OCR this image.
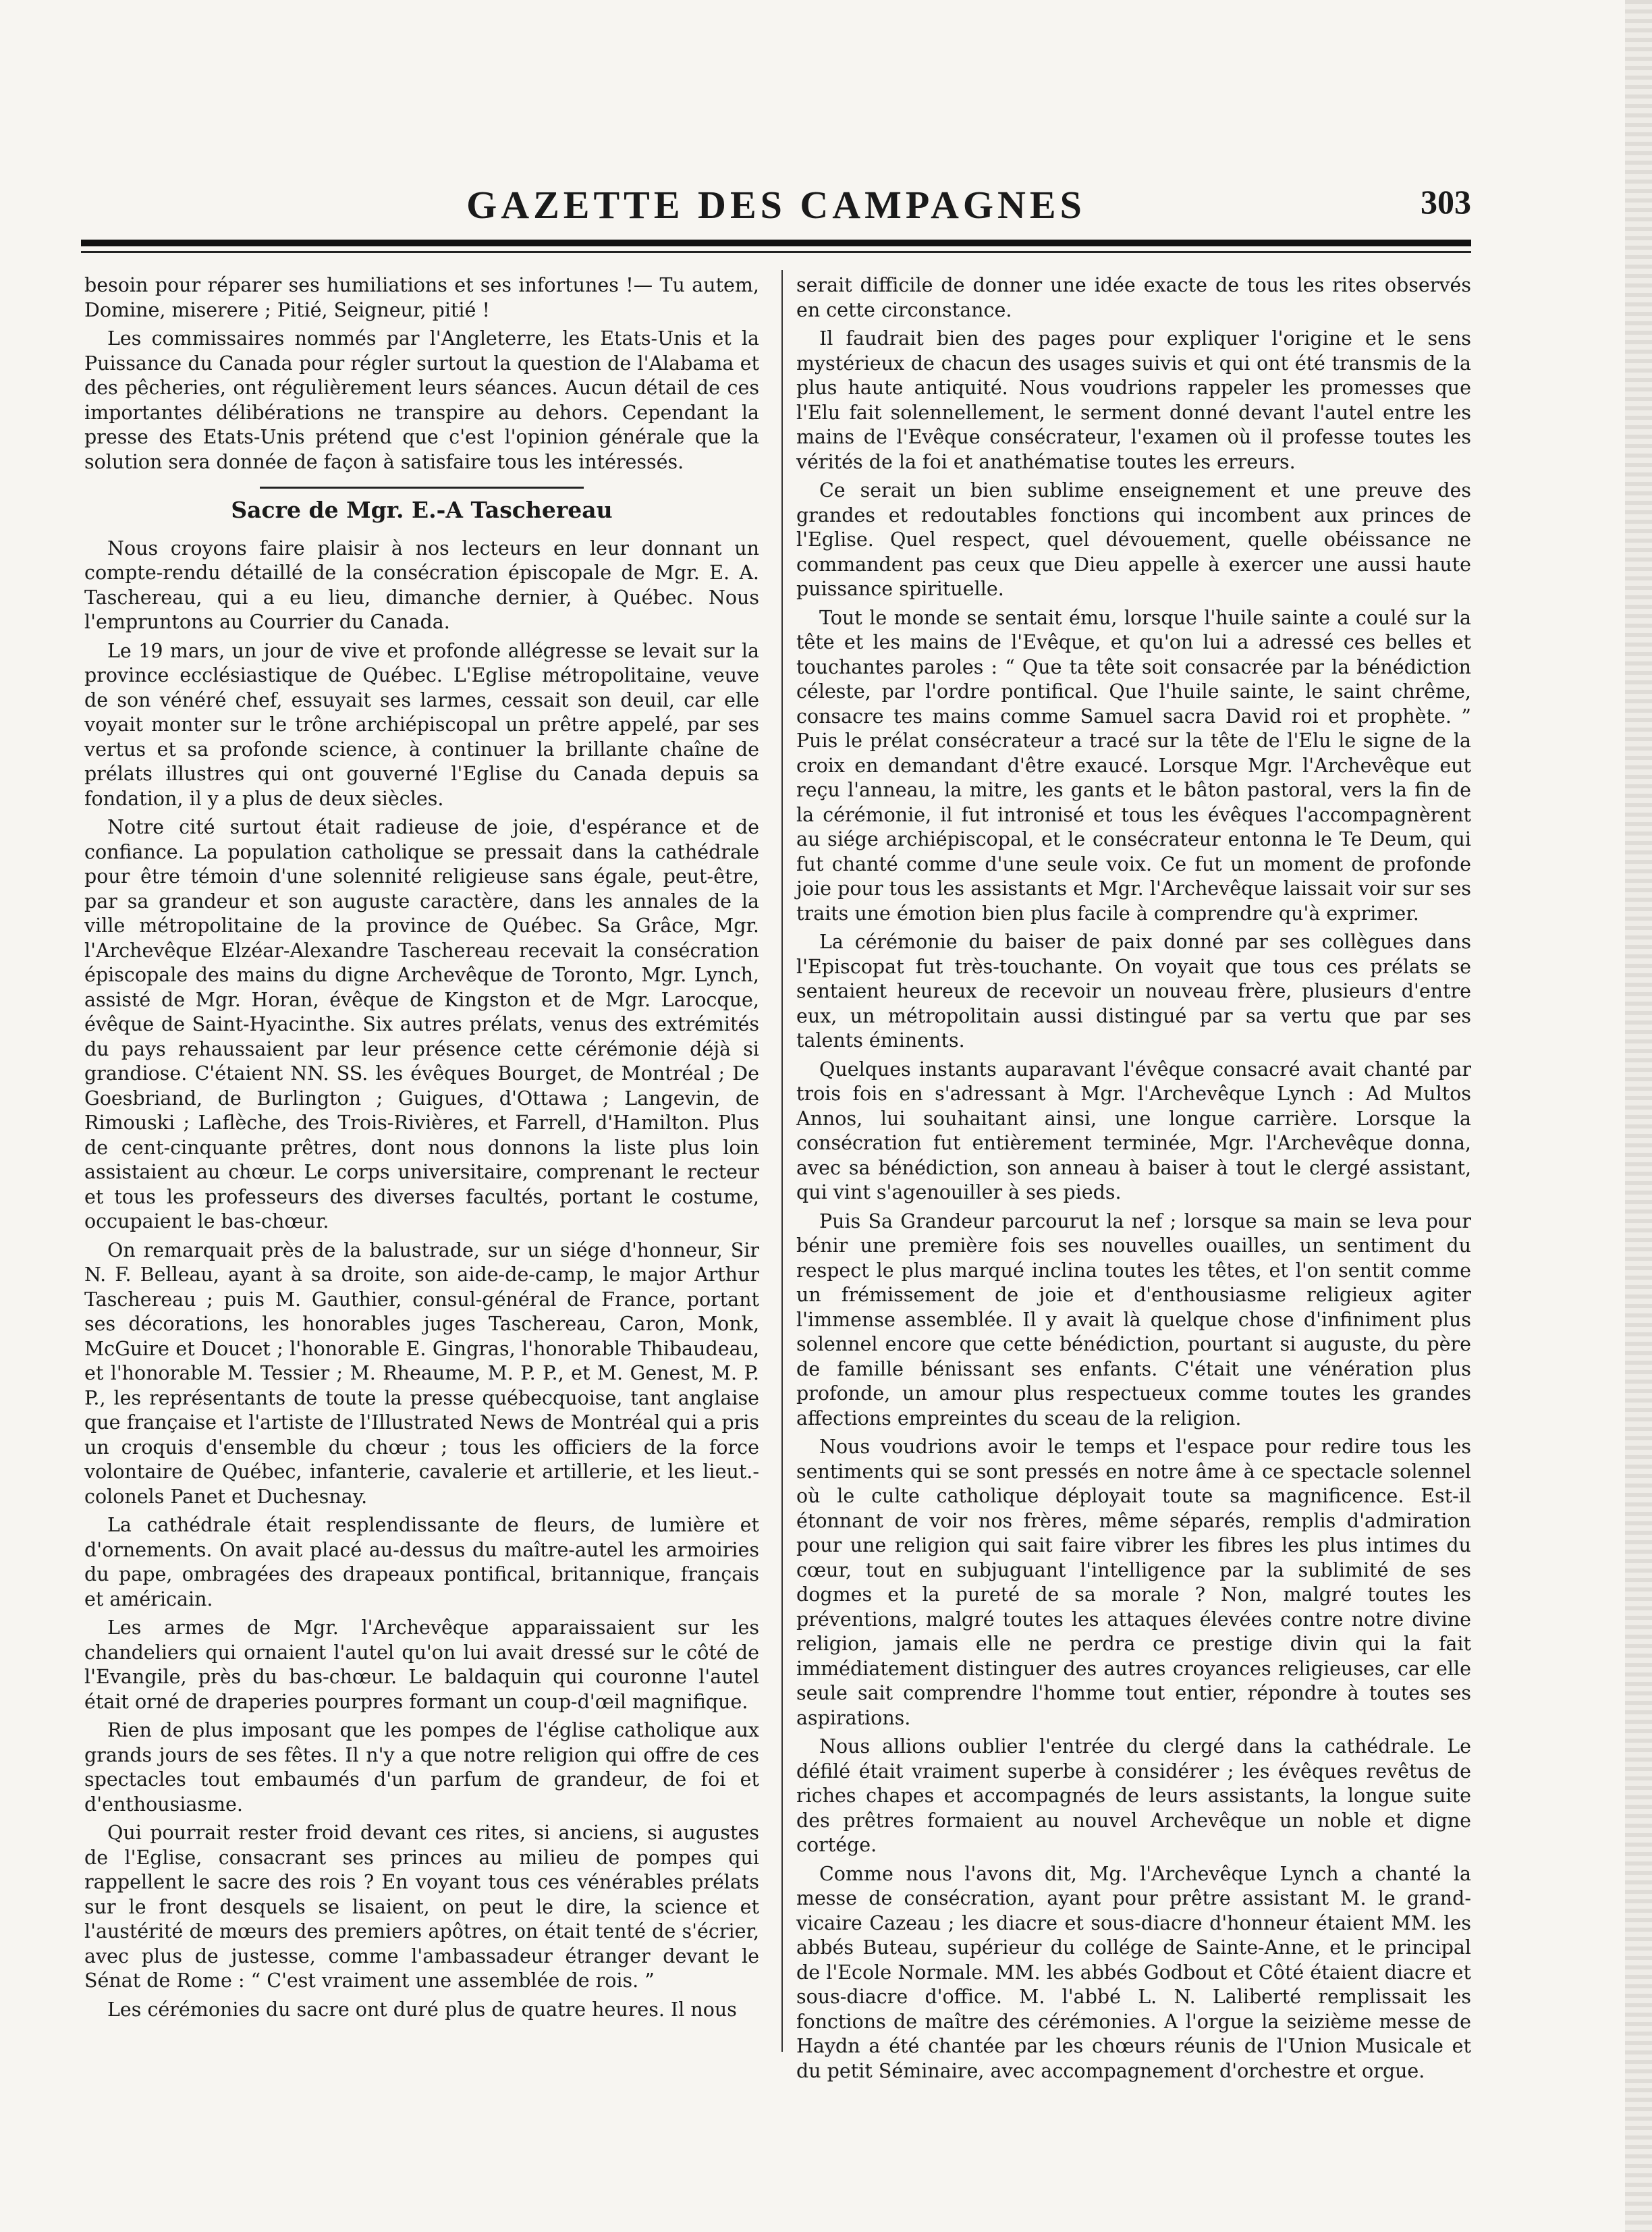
GAZETTE DES CAMPAGNES	303

besoin pour réparer ses humiliations et ses infortunes !— Tu autem, Domine, miserere ; Pitié, Seigneur, pitié !

Les commissaires nommés par l'Angleterre, les Etats-Unis et la Puissance du Canada pour régler surtout la question de l'Alabama et des pêcheries, ont régulièrement leurs séances. Aucun détail de ces importantes délibérations ne transpire au dehors. Cependant la presse des Etats-Unis prétend que c'est l'opinion générale que la solution sera donnée de façon à satisfaire tous les intéressés.

Sacre de Mgr. E.-A Taschereau

Nous croyons faire plaisir à nos lecteurs en leur donnant un compte-rendu détaillé de la consécration épiscopale de Mgr. E. A. Taschereau, qui a eu lieu, dimanche dernier, à Québec. Nous l'empruntons au Courrier du Canada.

Le 19 mars, un jour de vive et profonde allégresse se levait sur la province ecclésiastique de Québec. L'Eglise métropolitaine, veuve de son vénéré chef, essuyait ses larmes, cessait son deuil, car elle voyait monter sur le trône archiépiscopal un prêtre appelé, par ses vertus et sa profonde science, à continuer la brillante chaîne de prélats illustres qui ont gouverné l'Eglise du Canada depuis sa fondation, il y a plus de deux siècles.

Notre cité surtout était radieuse de joie, d'espérance et de confiance. La population catholique se pressait dans la cathédrale pour être témoin d'une solennité religieuse sans égale, peut-être, par sa grandeur et son auguste caractère, dans les annales de la ville métropolitaine de la province de Québec. Sa Grâce, Mgr. l'Archevêque Elzéar-Alexandre Taschereau recevait la consécration épiscopale des mains du digne Archevêque de Toronto, Mgr. Lynch, assisté de Mgr. Horan, évêque de Kingston et de Mgr. Larocque, évêque de Saint-Hyacinthe. Six autres prélats, venus des extrémités du pays rehaussaient par leur présence cette cérémonie déjà si grandiose. C'étaient NN. SS. les évêques Bourget, de Montréal ; De Goesbriand, de Burlington ; Guigues, d'Ottawa ; Langevin, de Rimouski ; Laflèche, des Trois-Rivières, et Farrell, d'Hamilton. Plus de cent-cinquante prêtres, dont nous donnons la liste plus loin assistaient au chœur. Le corps universitaire, comprenant le recteur et tous les professeurs des diverses facultés, portant le costume, occupaient le bas-chœur.

On remarquait près de la balustrade, sur un siége d'honneur, Sir N. F. Belleau, ayant à sa droite, son aide-de-camp, le major Arthur Taschereau ; puis M. Gauthier, consul-général de France, portant ses décorations, les honorables juges Taschereau, Caron, Monk, McGuire et Doucet ; l'honorable E. Gingras, l'honorable Thibaudeau, et l'honorable M. Tessier ; M. Rheaume, M. P. P., et M. Genest, M. P. P., les représentants de toute la presse québecquoise, tant anglaise que française et l'artiste de l'Illustrated News de Montréal qui a pris un croquis d'ensemble du chœur ; tous les officiers de la force volontaire de Québec, infanterie, cavalerie et artillerie, et les lieut.-colonels Panet et Duchesnay.

La cathédrale était resplendissante de fleurs, de lumière et d'ornements. On avait placé au-dessus du maître-autel les armoiries du pape, ombragées des drapeaux pontifical, britannique, français et américain.

Les armes de Mgr. l'Archevêque apparaissaient sur les chandeliers qui ornaient l'autel qu'on lui avait dressé sur le côté de l'Evangile, près du bas-chœur. Le baldaquin qui couronne l'autel était orné de draperies pourpres formant un coup-d'œil magnifique.

Rien de plus imposant que les pompes de l'église catholique aux grands jours de ses fêtes. Il n'y a que notre religion qui offre de ces spectacles tout embaumés d'un parfum de grandeur, de foi et d'enthousiasme.

Qui pourrait rester froid devant ces rites, si anciens, si augustes de l'Eglise, consacrant ses princes au milieu de pompes qui rappellent le sacre des rois ? En voyant tous ces vénérables prélats sur le front desquels se lisaient, on peut le dire, la science et l'austérité de mœurs des premiers apôtres, on était tenté de s'écrier, avec plus de justesse, comme l'ambassadeur étranger devant le Sénat de Rome : “ C'est vraiment une assemblée de rois. ”

Les cérémonies du sacre ont duré plus de quatre heures. Il nous

serait difficile de donner une idée exacte de tous les rites observés en cette circonstance.

Il faudrait bien des pages pour expliquer l'origine et le sens mystérieux de chacun des usages suivis et qui ont été transmis de la plus haute antiquité. Nous voudrions rappeler les promesses que l'Elu fait solennellement, le serment donné devant l'autel entre les mains de l'Evêque consécrateur, l'examen où il professe toutes les vérités de la foi et anathématise toutes les erreurs.

Ce serait un bien sublime enseignement et une preuve des grandes et redoutables fonctions qui incombent aux princes de l'Eglise. Quel respect, quel dévouement, quelle obéissance ne commandent pas ceux que Dieu appelle à exercer une aussi haute puissance spirituelle.

Tout le monde se sentait ému, lorsque l'huile sainte a coulé sur la tête et les mains de l'Evêque, et qu'on lui a adressé ces belles et touchantes paroles : “ Que ta tête soit consacrée par la bénédiction céleste, par l'ordre pontifical. Que l'huile sainte, le saint chrême, consacre tes mains comme Samuel sacra David roi et prophète. ” Puis le prélat consécrateur a tracé sur la tête de l'Elu le signe de la croix en demandant d'être exaucé. Lorsque Mgr. l'Archevêque eut reçu l'anneau, la mitre, les gants et le bâton pastoral, vers la fin de la cérémonie, il fut intronisé et tous les évêques l'accompagnèrent au siége archiépiscopal, et le consécrateur entonna le Te Deum, qui fut chanté comme d'une seule voix. Ce fut un moment de profonde joie pour tous les assistants et Mgr. l'Archevêque laissait voir sur ses traits une émotion bien plus facile à comprendre qu'à exprimer.

La cérémonie du baiser de paix donné par ses collègues dans l'Episcopat fut très-touchante. On voyait que tous ces prélats se sentaient heureux de recevoir un nouveau frère, plusieurs d'entre eux, un métropolitain aussi distingué par sa vertu que par ses talents éminents.

Quelques instants auparavant l'évêque consacré avait chanté par trois fois en s'adressant à Mgr. l'Archevêque Lynch : Ad Multos Annos, lui souhaitant ainsi, une longue carrière. Lorsque la consécration fut entièrement terminée, Mgr. l'Archevêque donna, avec sa bénédiction, son anneau à baiser à tout le clergé assistant, qui vint s'agenouiller à ses pieds.

Puis Sa Grandeur parcourut la nef ; lorsque sa main se leva pour bénir une première fois ses nouvelles ouailles, un sentiment du respect le plus marqué inclina toutes les têtes, et l'on sentit comme un frémissement de joie et d'enthousiasme religieux agiter l'immense assemblée. Il y avait là quelque chose d'infiniment plus solennel encore que cette bénédiction, pourtant si auguste, du père de famille bénissant ses enfants. C'était une vénération plus profonde, un amour plus respectueux comme toutes les grandes affections empreintes du sceau de la religion.

Nous voudrions avoir le temps et l'espace pour redire tous les sentiments qui se sont pressés en notre âme à ce spectacle solennel où le culte catholique déployait toute sa magnificence. Est-il étonnant de voir nos frères, même séparés, remplis d'admiration pour une religion qui sait faire vibrer les fibres les plus intimes du cœur, tout en subjuguant l'intelligence par la sublimité de ses dogmes et la pureté de sa morale ? Non, malgré toutes les préventions, malgré toutes les attaques élevées contre notre divine religion, jamais elle ne perdra ce prestige divin qui la fait immédiatement distinguer des autres croyances religieuses, car elle seule sait comprendre l'homme tout entier, répondre à toutes ses aspirations.

Nous allions oublier l'entrée du clergé dans la cathédrale. Le défilé était vraiment superbe à considérer ; les évêques revêtus de riches chapes et accompagnés de leurs assistants, la longue suite des prêtres formaient au nouvel Archevêque un noble et digne cortége.

Comme nous l'avons dit, Mg. l'Archevêque Lynch a chanté la messe de consécration, ayant pour prêtre assistant M. le grand-vicaire Cazeau ; les diacre et sous-diacre d'honneur étaient MM. les abbés Buteau, supérieur du collége de Sainte-Anne, et le principal de l'Ecole Normale. MM. les abbés Godbout et Côté étaient diacre et sous-diacre d'office. M. l'abbé L. N. Laliberté remplissait les fonctions de maître des cérémonies. A l'orgue la seizième messe de Haydn a été chantée par les chœurs réunis de l'Union Musicale et du petit Séminaire, avec accompagnement d'orchestre et orgue.
